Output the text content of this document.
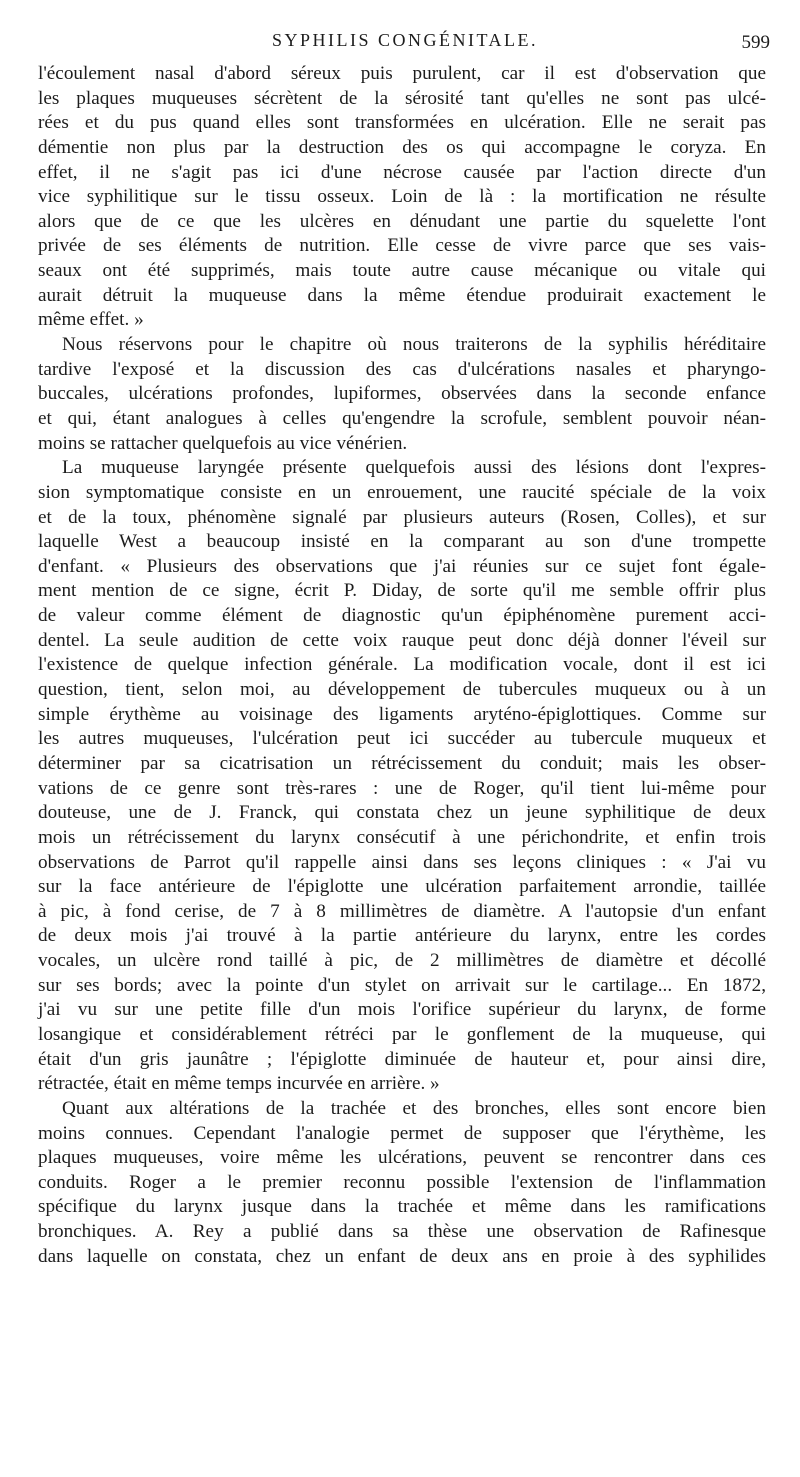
SYPHILIS CONGÉNITALE.	599
l'écoulement nasal d'abord séreux puis purulent, car il est d'observation que
les plaques muqueuses sécrètent de la sérosité tant qu'elles ne sont pas ulcé-
rées et du pus quand elles sont transformées en ulcération. Elle ne serait pas
démentie non plus par la destruction des os qui accompagne le coryza. En
effet, il ne s'agit pas ici d'une nécrose causée par l'action directe d'un
vice syphilitique sur le tissu osseux. Loin de là : la mortification ne résulte
alors que de ce que les ulcères en dénudant une partie du squelette l'ont
privée de ses éléments de nutrition. Elle cesse de vivre parce que ses vais-
seaux ont été supprimés, mais toute autre cause mécanique ou vitale qui
aurait détruit la muqueuse dans la même étendue produirait exactement le
même effet. »
Nous réservons pour le chapitre où nous traiterons de la syphilis héréditaire
tardive l'exposé et la discussion des cas d'ulcérations nasales et pharyngo-
buccales, ulcérations profondes, lupiformes, observées dans la seconde enfance
et qui, étant analogues à celles qu'engendre la scrofule, semblent pouvoir néan-
moins se rattacher quelquefois au vice vénérien.
La muqueuse laryngée présente quelquefois aussi des lésions dont l'expres-
sion symptomatique consiste en un enrouement, une raucité spéciale de la voix
et de la toux, phénomène signalé par plusieurs auteurs (Rosen, Colles), et sur
laquelle West a beaucoup insisté en la comparant au son d'une trompette
d'enfant. « Plusieurs des observations que j'ai réunies sur ce sujet font égale-
ment mention de ce signe, écrit P. Diday, de sorte qu'il me semble offrir plus
de valeur comme élément de diagnostic qu'un épiphénomène purement acci-
dentel. La seule audition de cette voix rauque peut donc déjà donner l'éveil sur
l'existence de quelque infection générale. La modification vocale, dont il est ici
question, tient, selon moi, au développement de tubercules muqueux ou à un
simple érythème au voisinage des ligaments aryténo-épiglottiques. Comme sur
les autres muqueuses, l'ulcération peut ici succéder au tubercule muqueux et
déterminer par sa cicatrisation un rétrécissement du conduit; mais les obser-
vations de ce genre sont très-rares : une de Roger, qu'il tient lui-même pour
douteuse, une de J. Franck, qui constata chez un jeune syphilitique de deux
mois un rétrécissement du larynx consécutif à une périchondrite, et enfin trois
observations de Parrot qu'il rappelle ainsi dans ses leçons cliniques : « J'ai vu
sur la face antérieure de l'épiglotte une ulcération parfaitement arrondie, taillée
à pic, à fond cerise, de 7 à 8 millimètres de diamètre. A l'autopsie d'un enfant
de deux mois j'ai trouvé à la partie antérieure du larynx, entre les cordes
vocales, un ulcère rond taillé à pic, de 2 millimètres de diamètre et décollé
sur ses bords; avec la pointe d'un stylet on arrivait sur le cartilage... En 1872,
j'ai vu sur une petite fille d'un mois l'orifice supérieur du larynx, de forme
losangique et considérablement rétréci par le gonflement de la muqueuse, qui
était d'un gris jaunâtre ; l'épiglotte diminuée de hauteur et, pour ainsi dire,
rétractée, était en même temps incurvée en arrière. »
Quant aux altérations de la trachée et des bronches, elles sont encore bien
moins connues. Cependant l'analogie permet de supposer que l'érythème, les
plaques muqueuses, voire même les ulcérations, peuvent se rencontrer dans ces
conduits. Roger a le premier reconnu possible l'extension de l'inflammation
spécifique du larynx jusque dans la trachée et même dans les ramifications
bronchiques. A. Rey a publié dans sa thèse une observation de Rafinesque
dans laquelle on constata, chez un enfant de deux ans en proie à des syphilides
